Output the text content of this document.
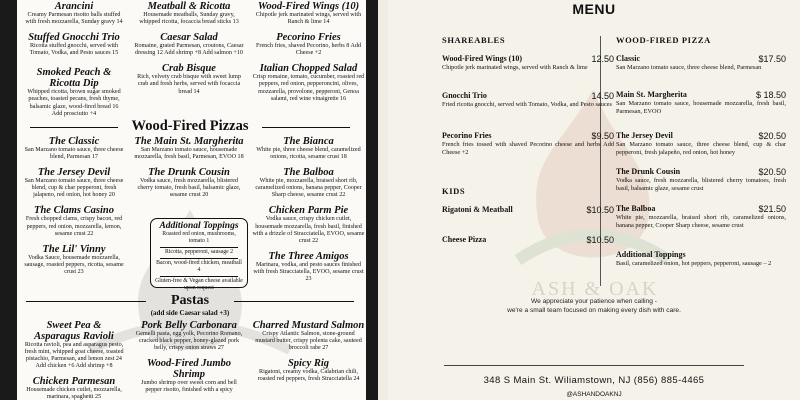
Arancini
Creamy Parmesan risotto balls stuffed with fresh mozzarella, Sunday gravy 14
Stuffed Gnocchi Trio
Ricotta stuffed gnocchi, served with Tomato, Vodka, and Pesto sauces 15
Smoked Peach & Ricotta Dip
Whipped ricotta, brown sugar smoked peaches, toasted pecans, fresh thyme, balsamic glaze, wood-fired bread 16 Add prosciutto +4
Meatball & Ricotta
Housemade meatballs, Sunday gravy, whipped ricotta, focaccia bread sticks 13
Caesar Salad
Romaine, grated Parmesan, croutons, Caesar dressing 12 Add shrimp +8 Add salmon +10
Crab Bisque
Rich, velvety crab bisque with sweet lump crab and fresh herbs, served with focaccia bread 14
Wood-Fired Wings (10)
Chipotle jerk marinated wings, served with Ranch & lime 14
Pecorino Fries
French fries, shaved Pecorino, herbs 8 Add Cheese +2
Italian Chopped Salad
Crisp romaine, tomato, cucumber, roasted red peppers, red onion, pepperoncini, olives, mozzarella, provolone, pepperoni, Genoa salami, red wine vinaigrette 16
Wood-Fired Pizzas
The Classic
San Marzano tomato sauce, three cheese blend, Parmesan 17
The Jersey Devil
San Marzano tomato sauce, three cheese blend, cup & char pepperoni, fresh jalapeno, red onion, hot honey 20
The Clams Casino
Fresh chopped clams, crispy bacon, red peppers, red onion, mozzarella, lemon, sesame crust 22
The Lil' Vinny
Vodka Sauce, housemade mozzarella, sausage, roasted peppers, ricotta, sesame crust 23
The Main St. Margherita
San Marzano tomato sauce, housemade mozzarella, fresh basil, Parmesan, EVOO 18
The Drunk Cousin
Vodka sauce, fresh mozzarella, blistered cherry tomato, fresh basil, balsamic glaze, sesame crust 20
The Bianca
White pie, three cheese blend, caramelized onions, ricotta, sesame crust 18
The Balboa
White pie, mozzarella, braised short rib, caramelized onions, banana pepper, Cooper Sharp cheese, sesame crust 22
Chicken Parm Pie
Vodka sauce, crispy chicken cutlet, housemade mozzarella, fresh basil, finished with a drizzle of Stracciatella, EVOO, sesame crust 22
The Three Amigos
Marinara, vodka, and pesto sauces finished with fresh Stracciatella, EVOO, sesame crust 23
Additional Toppings
Roasted red onion, mushrooms, tomato 1
Ricotta, pepperoni, sausage 2
Bacon, wood-fired chicken, meatball 4
Gluten-free & Vegan cheese available upon request
Pastas
(add side Caesar salad +3)
Sweet Pea & Asparagus Ravioli
Ricotta ravioli, pea and asparagus pesto, fresh mint, whipped goat cheese, toasted pistachio, Parmesan, and lemon zest 24 Add chicken +6 Add shrimp +8
Chicken Parmesan
Housemade chicken cutlet, mozzarella, marinara, spaghetti 25
Pork Belly Carbonara
Gemelli pasta, egg yolk, Pecorino Romano, cracked black pepper, honey-glazed pork belly, crispy onion straws 27
Wood-Fired Jumbo Shrimp
Jumbo shrimp over sweet corn and bell pepper risotto, finished with a spicy
Charred Mustard Salmon
Crispy Atlantic Salmon, stone-ground mustard butter, crispy polenta cake, sauteed broccoli rabe 27
Spicy Rig
Rigatoni, creamy vodka, Calabrian chili, roasted red peppers, fresh Stracciatella 24
ASH & OAK
MENU
SHAREABLES
Wood-Fired Wings (10)	12.50
Chipotle jerk marinated wings, served with Ranch & lime
Gnocchi Trio	14.50
Fried ricotta gnocchi, served with Tomato, Vodka, and Pesto sauces
Pecorino Fries	$9.50
French fries tossed with shaved Pecorino cheese and herbs Add Cheese +2
KIDS
Rigatoni & Meatball	$10.50
Cheese Pizza	$10.50
WOOD-FIRED PIZZA
Classic	$17.50
San Marzano tomato sauce, three cheese blend, Parmesan
Main St. Margherita	$ 18.50
San Marzano tomato sauce, housemade mozzarella, fresh basil, Parmesan, EVOO
The Jersey Devil	$20.50
San Marzano tomato sauce, three cheese blend, cup & char pepperoni, fresh jalapeño, red onion, hot honey
The Drunk Cousin	$20.50
Vodka sauce, fresh mozzarella, blistered cherry tomatoes, fresh basil, balsamic glaze, sesame crust
The Balboa	$21.50
White pie, mozzarella, braised short rib, caramelized onions, banana pepper, Cooper Sharp cheese, sesame crust
Additional Toppings
Basil, caramelized onion, hot peppers, pepperoni, sausage – 2
We appreciate your patience when calling -
we're a small team focused on making every dish with care.
348 S Main St. Wiliamstown, NJ (856) 885-4465
@ASHANDOAKNJ
